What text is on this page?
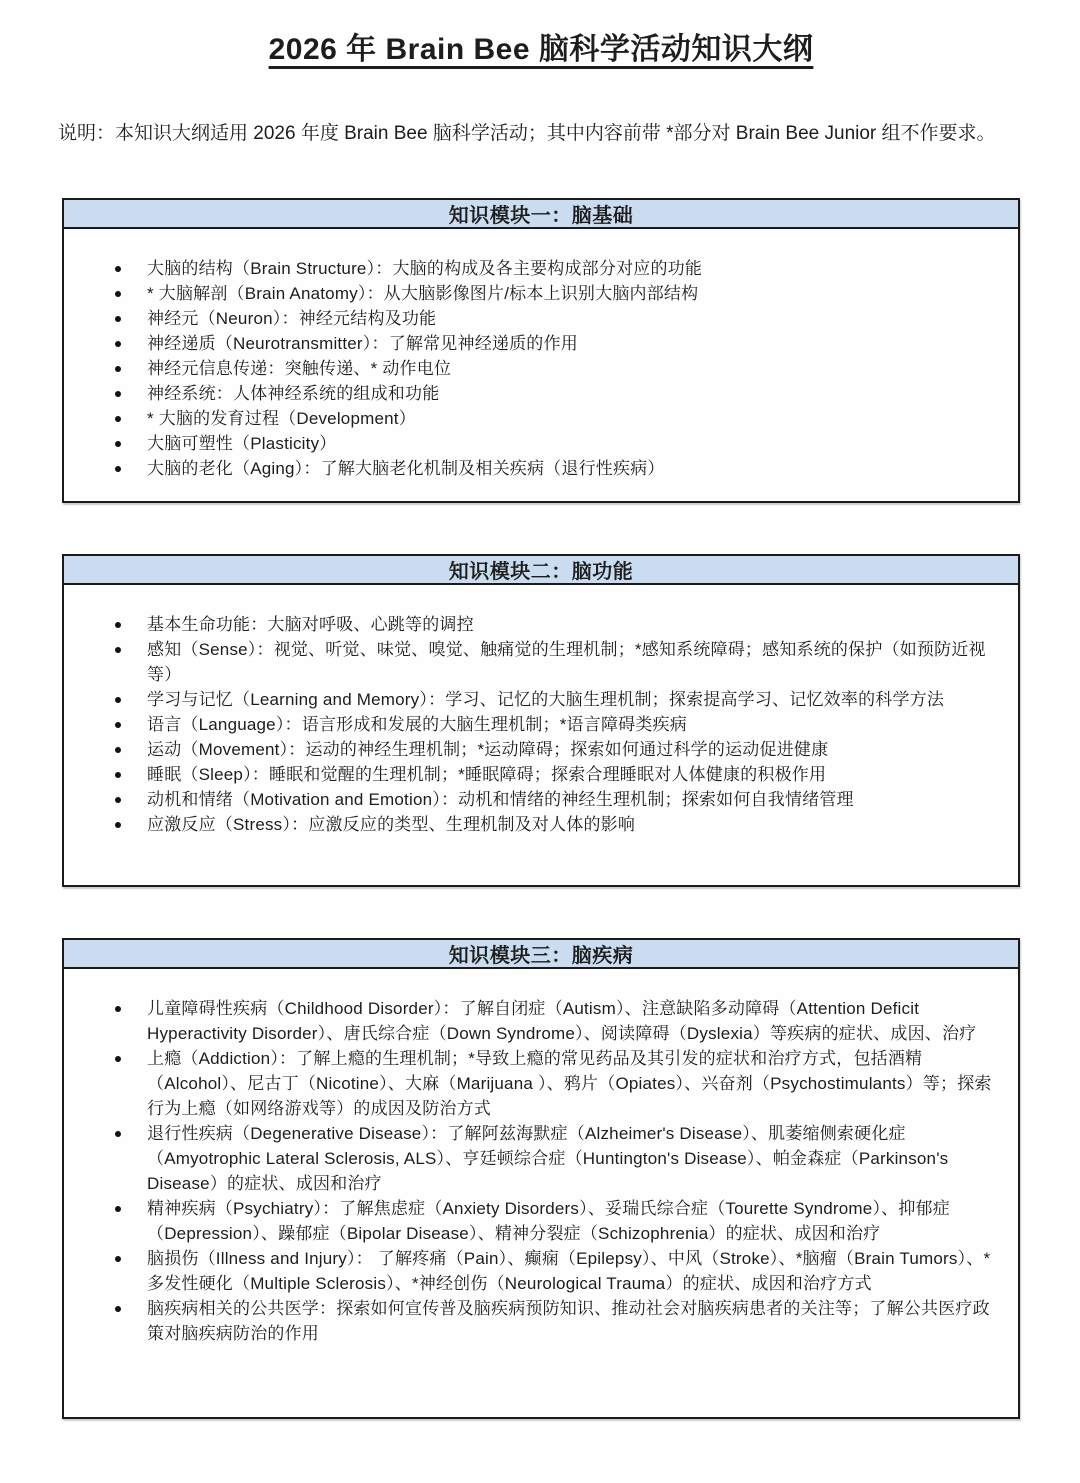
2026 年 Brain Bee 脑科学活动知识大纲

说明：本知识大纲适用 2026 年度 Brain Bee 脑科学活动；其中内容前带 *部分对 Brain Bee Junior 组不作要求。

知识模块一：脑基础
大脑的结构（Brain Structure）：大脑的构成及各主要构成部分对应的功能
* 大脑解剖（Brain Anatomy）：从大脑影像图片/标本上识别大脑内部结构
神经元（Neuron）：神经元结构及功能
神经递质（Neurotransmitter）：了解常见神经递质的作用
神经元信息传递：突触传递、* 动作电位
神经系统：人体神经系统的组成和功能
* 大脑的发育过程（Development）
大脑可塑性（Plasticity）
大脑的老化（Aging）：了解大脑老化机制及相关疾病（退行性疾病）
知识模块二：脑功能
基本生命功能：大脑对呼吸、心跳等的调控
感知（Sense）：视觉、听觉、味觉、嗅觉、触痛觉的生理机制；*感知系统障碍；感知系统的保护（如预防近视等）
学习与记忆（Learning and Memory）：学习、记忆的大脑生理机制；探索提高学习、记忆效率的科学方法
语言（Language）：语言形成和发展的大脑生理机制；*语言障碍类疾病
运动（Movement）：运动的神经生理机制；*运动障碍；探索如何通过科学的运动促进健康
睡眠（Sleep）：睡眠和觉醒的生理机制；*睡眠障碍；探索合理睡眠对人体健康的积极作用
动机和情绪（Motivation and Emotion）：动机和情绪的神经生理机制；探索如何自我情绪管理
应激反应（Stress）：应激反应的类型、生理机制及对人体的影响
知识模块三：脑疾病
儿童障碍性疾病（Childhood Disorder）：了解自闭症（Autism）、注意缺陷多动障碍（Attention Deficit Hyperactivity Disorder）、唐氏综合症（Down Syndrome）、阅读障碍（Dyslexia）等疾病的症状、成因、治疗
上瘾（Addiction）：了解上瘾的生理机制；*导致上瘾的常见药品及其引发的症状和治疗方式，包括酒精（Alcohol）、尼古丁（Nicotine）、大麻（Marijuana ）、鸦片（Opiates）、兴奋剂（Psychostimulants）等；探索行为上瘾（如网络游戏等）的成因及防治方式
退行性疾病（Degenerative Disease）：了解阿兹海默症（Alzheimer's Disease）、肌萎缩侧索硬化症（Amyotrophic Lateral Sclerosis, ALS）、亨廷顿综合症（Huntington's Disease）、帕金森症（Parkinson's Disease）的症状、成因和治疗
精神疾病（Psychiatry）：了解焦虑症（Anxiety Disorders）、妥瑞氏综合症（Tourette Syndrome）、抑郁症（Depression）、躁郁症（Bipolar Disease）、精神分裂症（Schizophrenia）的症状、成因和治疗
脑损伤（Illness and Injury）： 了解疼痛（Pain）、癫痫（Epilepsy）、中风（Stroke）、*脑瘤（Brain Tumors）、*多发性硬化（Multiple Sclerosis）、*神经创伤（Neurological Trauma）的症状、成因和治疗方式
脑疾病相关的公共医学：探索如何宣传普及脑疾病预防知识、推动社会对脑疾病患者的关注等；了解公共医疗政策对脑疾病防治的作用
